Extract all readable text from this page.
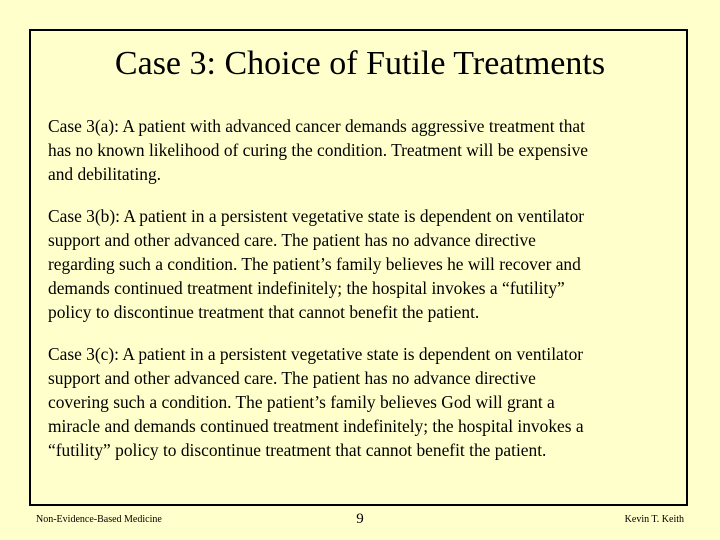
Case 3: Choice of Futile Treatments
Case 3(a): A patient with advanced cancer demands aggressive treatment that
has no known likelihood of curing the condition. Treatment will be expensive
and debilitating.
Case 3(b): A patient in a persistent vegetative state is dependent on ventilator
support and other advanced care. The patient has no advance directive
regarding such a condition. The patient’s family believes he will recover and
demands continued treatment indefinitely; the hospital invokes a “futility”
policy to discontinue treatment that cannot benefit the patient.
Case 3(c): A patient in a persistent vegetative state is dependent on ventilator
support and other advanced care. The patient has no advance directive
covering such a condition. The patient’s family believes God will grant a
miracle and demands continued treatment indefinitely; the hospital invokes a
“futility” policy to discontinue treatment that cannot benefit the patient.
Non-Evidence-Based Medicine	9	Kevin T. Keith
